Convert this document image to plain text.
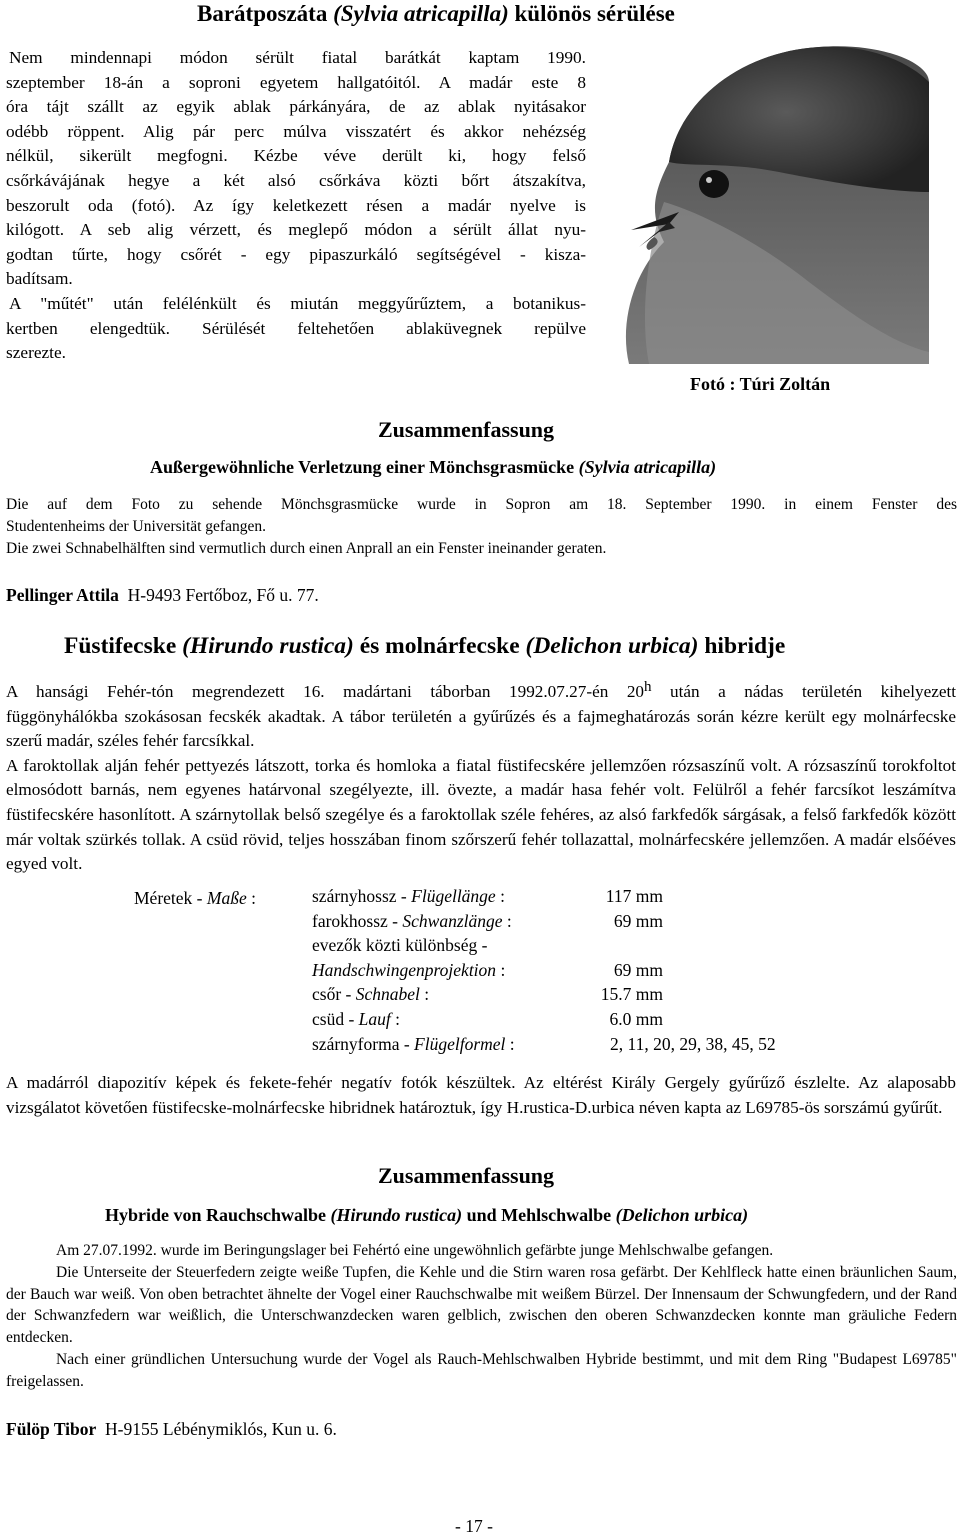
Barátposzáta (Sylvia atricapilla) különös sérülése

Nem mindennapi módon sérült fiatal barátkát kaptam 1990.

szeptember 18-án a soproni egyetem hallgatóitól. A madár este 8

óra tájt szállt az egyik ablak párkányára, de az ablak nyitásakor

odébb röppent. Alig pár perc múlva visszatért és akkor nehézség

nélkül, sikerült megfogni. Kézbe véve derült ki, hogy felső

csőrkávájának hegye a két alsó csőrkáva közti bőrt átszakítva,

beszorult oda (fotó). Az így keletkezett résen a madár nyelve is

kilógott. A seb alig vérzett, és meglepő módon a sérült állat nyu-

godtan tűrte, hogy csőrét - egy pipaszurkáló segítségével - kisza-

badítsam.

A "műtét" után felélénkült és miután meggyűrűztem, a botanikus-

kertben elengedtük. Sérülését feltehetően ablaküvegnek repülve

szerezte.

Fotó : Túri Zoltán
Zusammenfassung
Außergewöhnliche Verletzung einer Mönchsgrasmücke (Sylvia atricapilla)

Die auf dem Foto zu sehende Mönchsgrasmücke wurde in Sopron am 18. September 1990. in einem Fenster des

Studentenheims der Universität gefangen.

Die zwei Schnabelhälften sind vermutlich durch einen Anprall an ein Fenster ineinander geraten.

Pellinger Attila H-9493 Fertőboz, Fő u. 77.
Füstifecske (Hirundo rustica) és molnárfecske (Delichon urbica) hibridje

A hansági Fehér-tón megrendezett 16. madártani táborban 1992.07.27-én 20$^h$ után a nádas területén kihelyezett

függönyhálókba szokásosan fecskék akadtak. A tábor területén a gyűrűzés és a fajmeghatározás során kézre került egy molnárfecske szerű madár, széles fehér farcsíkkal.

A faroktollak alján fehér pettyezés látszott, torka és homloka a fiatal füstifecskére jellemzően rózsaszínű volt. A rózsaszínű torokfoltot elmosódott barnás, nem egyenes határvonal szegélyezte, ill. övezte, a madár hasa fehér volt. Felülről a fehér farcsíkot leszámítva füstifecskére hasonlított. A szárnytollak belső szegélye és a faroktollak széle fehéres, az alsó farkfedők sárgásak, a felső farkfedők között már voltak szürkés tollak. A csüd rövid, teljes hosszában finom szőrszerű fehér tollazattal, molnárfecskére jellemzően. A madár elsőéves egyed volt.

Méretek - Maße :	szárnyhossz - Flügellänge :	117 mm
farokhossz - Schwanzlänge :	69 mm
evezők közti különbség -
Handschwingenprojektion :	69 mm
csőr - Schnabel :	15.7 mm
csüd - Lauf :	6.0 mm
szárnyforma - Flügelformel :	2, 11, 20, 29, 38, 45, 52

A madárról diapozitív képek és fekete-fehér negatív fotók készültek. Az eltérést Király Gergely gyűrűző észlelte. Az alaposabb vizsgálatot követően füstifecske-molnárfecske hibridnek határoztuk, így H.rustica-D.urbica néven kapta az L69785-ös sorszámú gyűrűt.

Zusammenfassung
Hybride von Rauchschwalbe (Hirundo rustica) und Mehlschwalbe (Delichon urbica)

Am 27.07.1992. wurde im Beringungslager bei Fehértó eine ungewöhnlich gefärbte junge Mehlschwalbe gefangen.

Die Unterseite der Steuerfedern zeigte weiße Tupfen, die Kehle und die Stirn waren rosa gefärbt. Der Kehlfleck hatte einen bräunlichen Saum, der Bauch war weiß. Von oben betrachtet ähnelte der Vogel einer Rauchschwalbe mit weißem Bürzel. Der Innensaum der Schwungfedern, und der Rand der Schwanzfedern war weißlich, die Unterschwanzdecken waren gelblich, zwischen den oberen Schwanzdecken konnte man gräuliche Federn entdecken.

Nach einer gründlichen Untersuchung wurde der Vogel als Rauch-Mehlschwalben Hybride bestimmt, und mit dem Ring "Budapest L69785" freigelassen.

Fülöp Tibor H-9155 Lébénymiklós, Kun u. 6.
- 17 -
